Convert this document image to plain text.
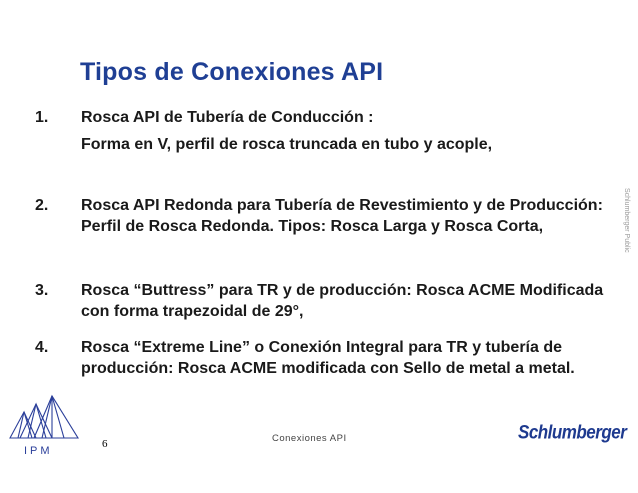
Tipos de Conexiones API
1. Rosca API de Tubería de Conducción :
Forma en V, perfil de rosca truncada en tubo y acople,
2. Rosca API Redonda para Tubería de Revestimiento y de Producción: Perfil de Rosca Redonda. Tipos: Rosca Larga y Rosca Corta,
3. Rosca “Buttress” para TR y de producción: Rosca ACME Modificada con forma trapezoidal de 29°,
4. Rosca “Extreme Line” o Conexión Integral para TR y tubería de producción: Rosca ACME modificada con Sello de metal a metal.
Schlumberger Public
IPM
6	Conexiones API	Schlumberger
